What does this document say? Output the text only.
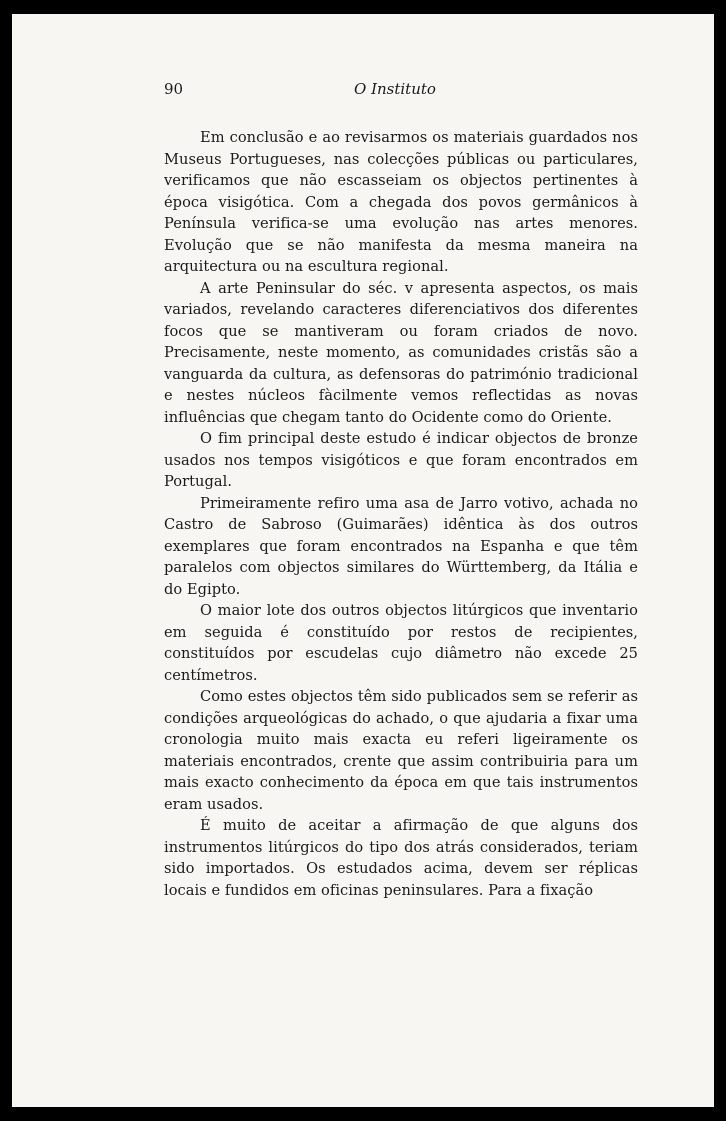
90	O Instituto

Em conclusão e ao revisarmos os materiais guardados nos Museus Portugueses, nas colecções públicas ou particulares, verificamos que não escasseiam os objectos pertinentes à época visigótica. Com a chegada dos povos germânicos à Península verifica-se uma evolução nas artes menores. Evolução que se não manifesta da mesma maneira na arquitectura ou na escultura regional.

A arte Peninsular do séc. v apresenta aspectos, os mais variados, revelando caracteres diferenciativos dos diferentes focos que se mantiveram ou foram criados de novo. Precisamente, neste momento, as comunidades cristãs são a vanguarda da cultura, as defensoras do património tradicional e nestes núcleos fàcilmente vemos reflectidas as novas influências que chegam tanto do Ocidente como do Oriente.

O fim principal deste estudo é indicar objectos de bronze usados nos tempos visigóticos e que foram encontrados em Portugal.

Primeiramente refiro uma asa de Jarro votivo, achada no Castro de Sabroso (Guimarães) idêntica às dos outros exemplares que foram encontrados na Espanha e que têm paralelos com objectos similares do Württemberg, da Itália e do Egipto.

O maior lote dos outros objectos litúrgicos que inventario em seguida é constituído por restos de recipientes, constituídos por escudelas cujo diâmetro não excede 25 centímetros.

Como estes objectos têm sido publicados sem se referir as condições arqueológicas do achado, o que ajudaria a fixar uma cronologia muito mais exacta eu referi ligeiramente os materiais encontrados, crente que assim contribuiria para um mais exacto conhecimento da época em que tais instrumentos eram usados.

É muito de aceitar a afirmação de que alguns dos instrumentos litúrgicos do tipo dos atrás considerados, teriam sido importados. Os estudados acima, devem ser réplicas locais e fundidos em oficinas peninsulares. Para a fixação
